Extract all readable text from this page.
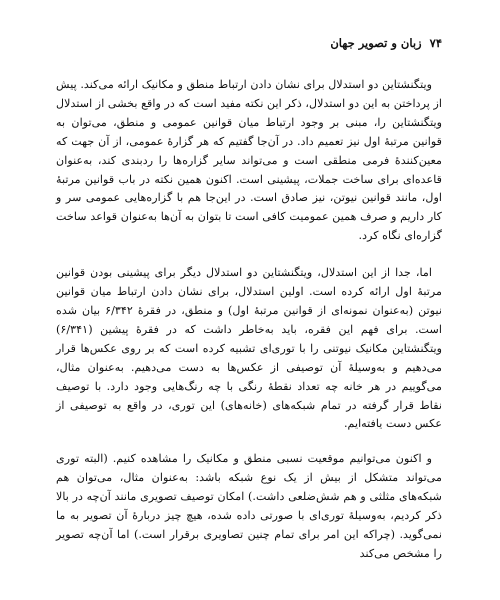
۷۴ زبان و تصویر جهان

ویتگنشتاین دو استدلال برای نشان دادن ارتباط منطق و مکانیک ارائه می‌کند. پیش از پرداختن به این دو استدلال، ذکر این نکته مفید است که در واقع بخشی از استدلال ویتگنشتاین را، مبنی بر وجود ارتباط میان قوانین عمومی و منطق، می‌توان به قوانین مرتبهٔ اول نیز تعمیم داد. در آن‌جا گفتیم که هر گزارهٔ عمومی، از آن جهت که معین‌کنندهٔ فرمی منطقی است و می‌تواند سایر گزاره‌ها را ردبندی کند، به‌عنوان قاعده‌ای برای ساخت جملات، پیشینی است. اکنون همین نکته در باب قوانین مرتبهٔ اول، مانند قوانین نیوتن، نیز صادق است. در این‌جا هم با گزاره‌هایی عمومی سر و کار داریم و صرف همین عمومیت کافی است تا بتوان به آن‌ها به‌عنوان قواعد ساخت گزاره‌ای نگاه کرد.

اما، جدا از این استدلال، ویتگنشتاین دو استدلال دیگر برای پیشینی بودن قوانین مرتبهٔ اول ارائه کرده است. اولین استدلال، برای نشان دادن ارتباط میان قوانین نیوتن (به‌عنوان نمونه‌ای از قوانین مرتبهٔ اول) و منطق، در فقرهٔ ۶/۳۴۲ بیان شده است. برای فهم این فقره، باید به‌خاطر داشت که در فقرهٔ پیشین (۶/۳۴۱) ویتگنشتاین مکانیک نیوتنی را با توری‌ای تشبیه کرده است که بر روی عکس‌ها قرار می‌دهیم و به‌وسیلهٔ آن توصیفی از عکس‌ها به دست می‌دهیم. به‌عنوان مثال، می‌گوییم در هر خانه چه تعداد نقطهٔ رنگی با چه رنگ‌هایی وجود دارد. با توصیف نقاط قرار گرفته در تمام شبکه‌های (خانه‌های) این توری، در واقع به توصیفی از عکس دست یافته‌ایم.

و اکنون می‌توانیم موقعیت نسبی منطق و مکانیک را مشاهده کنیم. (البته توری می‌تواند متشکل از بیش از یک نوع شبکه باشد: به‌عنوان مثال، می‌توان هم شبکه‌های مثلثی و هم شش‌ضلعی داشت.) امکان توصیف تصویری مانند آن‌چه در بالا ذکر کردیم، به‌وسیلهٔ توری‌ای با صورتی داده شده، هیچ چیز دربارهٔ آن تصویر به ما نمی‌گوید. (چراکه این امر برای تمام چنین تصاویری برقرار است.) اما آن‌چه تصویر را مشخص می‌کند
